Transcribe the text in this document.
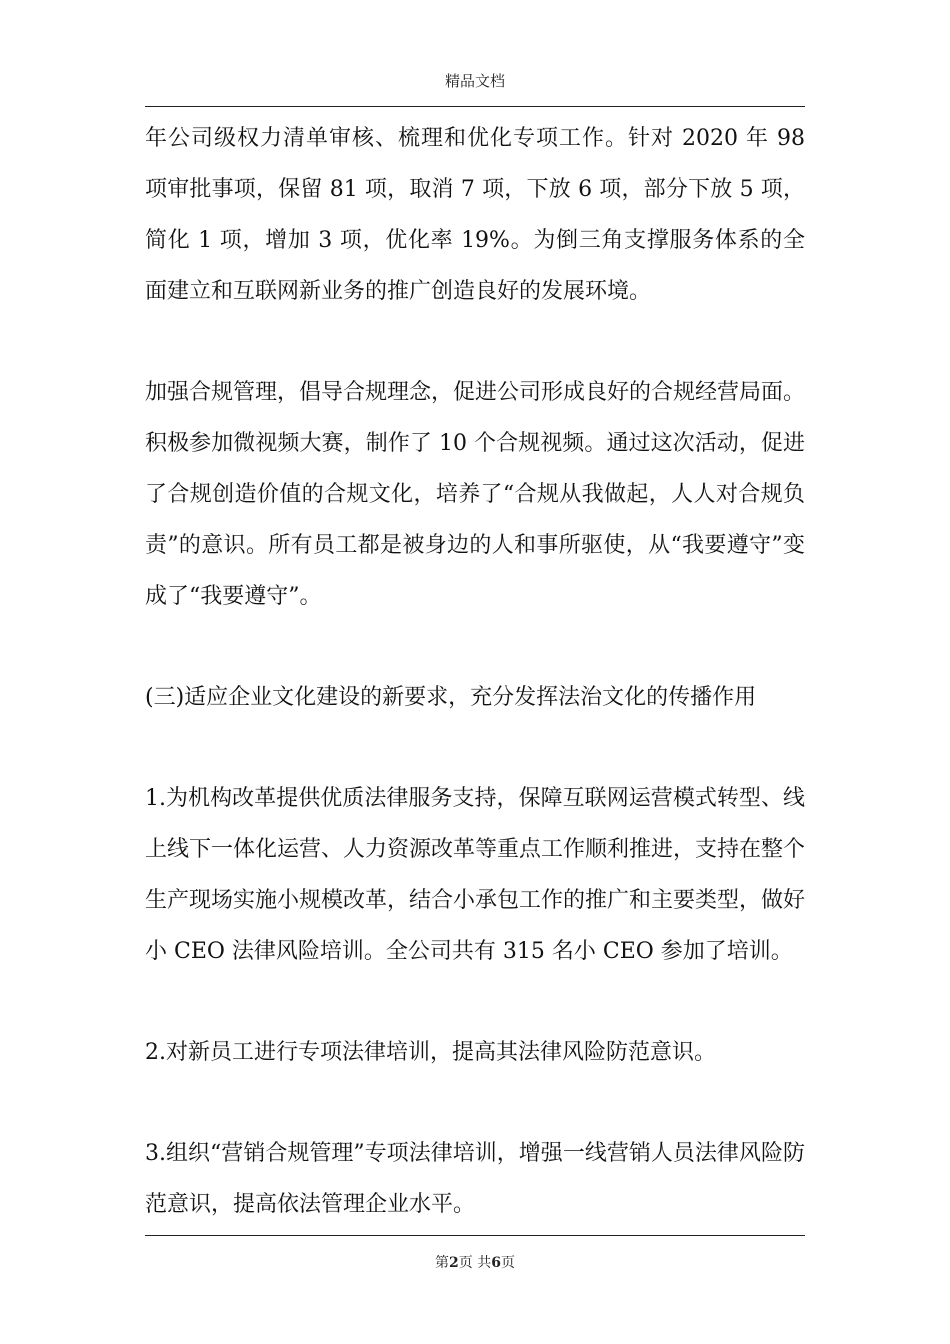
精品文档

年公司级权力清单审核、梳理和优化专项工作。针对 2020 年 98 项审批事项，保留 81 项，取消 7 项，下放 6 项，部分下放 5 项，简化 1 项，增加 3 项，优化率 19%。为倒三角支撑服务体系的全面建立和互联网新业务的推广创造良好的发展环境。

加强合规管理，倡导合规理念，促进公司形成良好的合规经营局面。积极参加微视频大赛，制作了 10 个合规视频。通过这次活动，促进了合规创造价值的合规文化，培养了“合规从我做起，人人对合规负责”的意识。所有员工都是被身边的人和事所驱使，从“我要遵守”变成了“我要遵守”。

(三)适应企业文化建设的新要求，充分发挥法治文化的传播作用

1.为机构改革提供优质法律服务支持，保障互联网运营模式转型、线上线下一体化运营、人力资源改革等重点工作顺利推进，支持在整个生产现场实施小规模改革，结合小承包工作的推广和主要类型，做好小 CEO 法律风险培训。全公司共有 315 名小 CEO 参加了培训。

2.对新员工进行专项法律培训，提高其法律风险防范意识。

3.组织“营销合规管理”专项法律培训，增强一线营销人员法律风险防范意识，提高依法管理企业水平。

第2页 共6页
